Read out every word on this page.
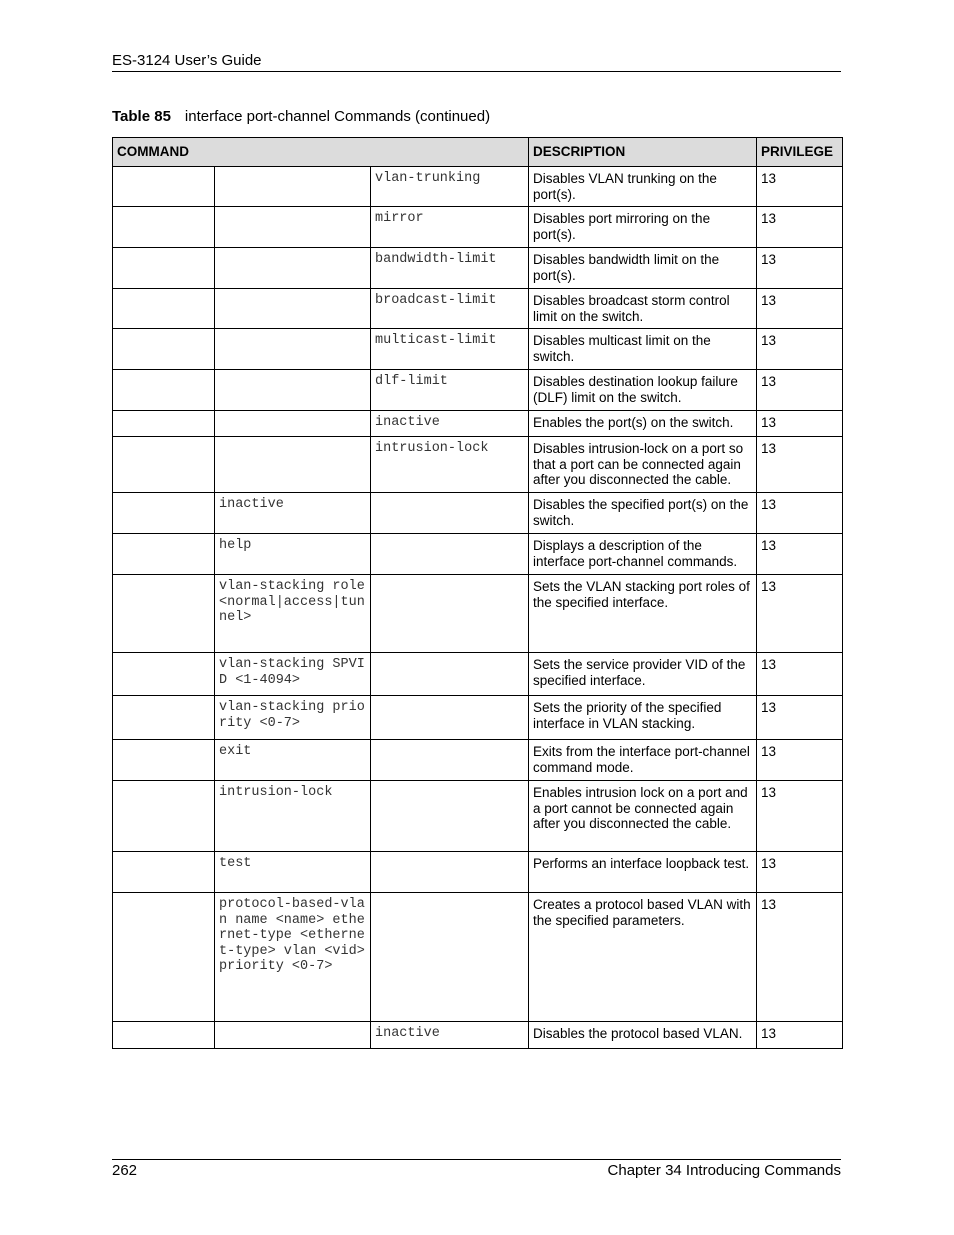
ES-3124 User’s Guide
Table 85 interface port-channel Commands (continued)
COMMAND			DESCRIPTION	PRIVILEGE
		vlan-trunking	Disables VLAN trunking on the port(s).	13
		mirror	Disables port mirroring on the port(s).	13
		bandwidth-limit	Disables bandwidth limit on the port(s).	13
		broadcast-limit	Disables broadcast storm control limit on the switch.	13
		multicast-limit	Disables multicast limit on the switch.	13
		dlf-limit	Disables destination lookup failure (DLF) limit on the switch.	13
		inactive	Enables the port(s) on the switch.	13
		intrusion-lock	Disables intrusion-lock on a port so that a port can be connected again after you disconnected the cable.	13
	inactive		Disables the specified port(s) on the switch.	13
	help		Displays a description of the interface port-channel commands.	13
	vlan-stacking role <normal|access|tunnel>		Sets the VLAN stacking port roles of the specified interface.	13
	vlan-stacking SPVID <1-4094>		Sets the service provider VID of the specified interface.	13
	vlan-stacking priority <0-7>		Sets the priority of the specified interface in VLAN stacking.	13
	exit		Exits from the interface port-channel command mode.	13
	intrusion-lock		Enables intrusion lock on a port and a port cannot be connected again after you disconnected the cable.	13
	test		Performs an interface loopback test.	13
	protocol-based-vlan name <name> ethernet-type <ethernet-type> vlan <vid> priority <0-7>		Creates a protocol based VLAN with the specified parameters.	13
		inactive	Disables the protocol based VLAN.	13
262	Chapter 34 Introducing Commands
